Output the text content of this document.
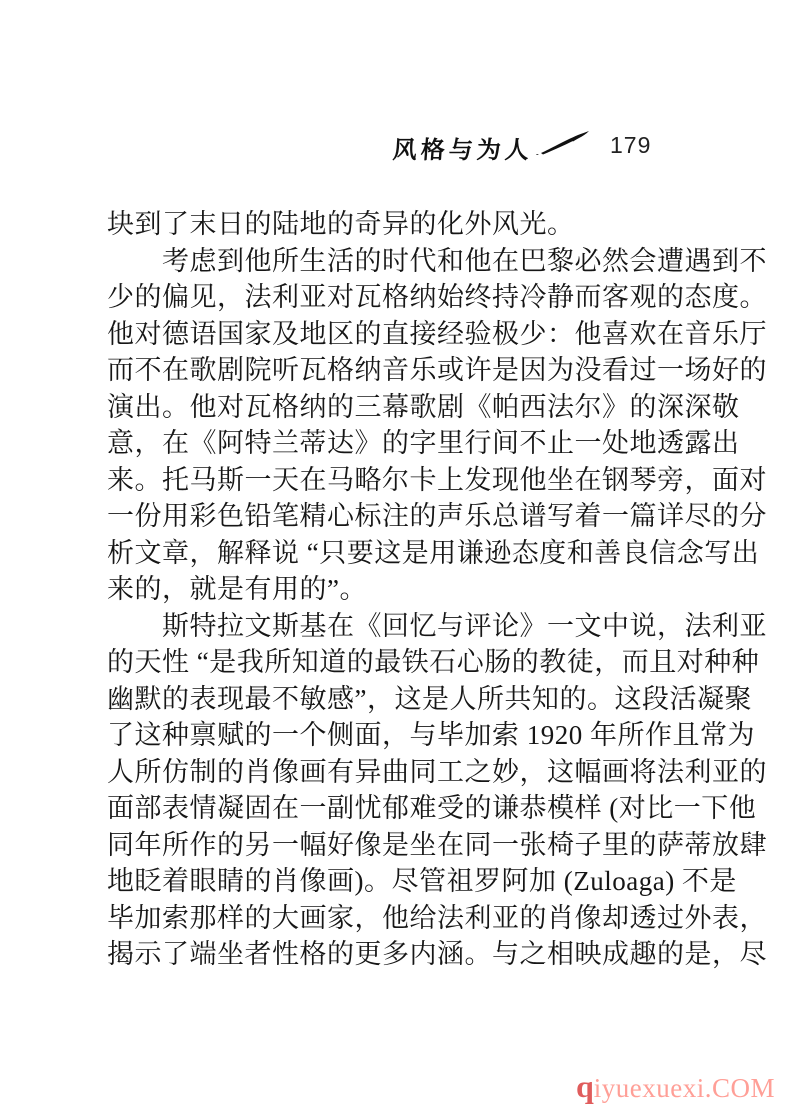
风格与为人	179
块到了末日的陆地的奇异的化外风光。
　　考虑到他所生活的时代和他在巴黎必然会遭遇到不
少的偏见，法利亚对瓦格纳始终持冷静而客观的态度。
他对德语国家及地区的直接经验极少：他喜欢在音乐厅
而不在歌剧院听瓦格纳音乐或许是因为没看过一场好的
演出。他对瓦格纳的三幕歌剧《帕西法尔》的深深敬
意，在《阿特兰蒂达》的字里行间不止一处地透露出
来。托马斯一天在马略尔卡上发现他坐在钢琴旁，面对
一份用彩色铅笔精心标注的声乐总谱写着一篇详尽的分
析文章，解释说 “只要这是用谦逊态度和善良信念写出
来的，就是有用的”。
　　斯特拉文斯基在《回忆与评论》一文中说，法利亚
的天性 “是我所知道的最铁石心肠的教徒，而且对种种
幽默的表现最不敏感”，这是人所共知的。这段活凝聚
了这种禀赋的一个侧面，与毕加索 1920 年所作且常为
人所仿制的肖像画有异曲同工之妙，这幅画将法利亚的
面部表情凝固在一副忧郁难受的谦恭模样 (对比一下他
同年所作的另一幅好像是坐在同一张椅子里的萨蒂放肆
地眨着眼睛的肖像画)。尽管祖罗阿加 (Zuloaga) 不是
毕加索那样的大画家，他给法利亚的肖像却透过外表，
揭示了端坐者性格的更多内涵。与之相映成趣的是，尽
qiyuexuexi.COM
